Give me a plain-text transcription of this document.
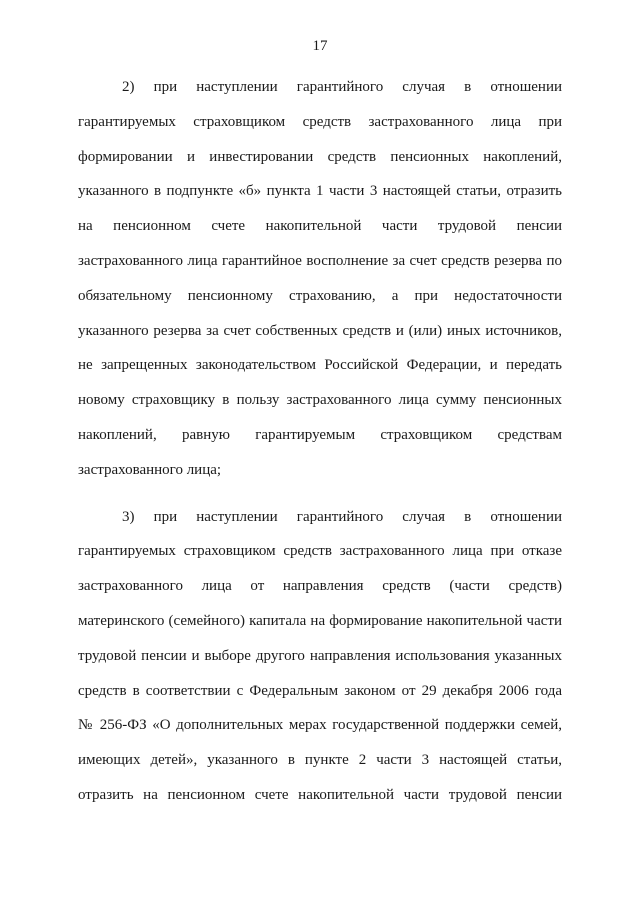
17

2) при наступлении гарантийного случая в отношении
гарантируемых страховщиком средств застрахованного лица при
формировании и инвестировании средств пенсионных накоплений,
указанного в подпункте «б» пункта 1 части 3 настоящей статьи, отразить
на пенсионном счете накопительной части трудовой пенсии
застрахованного лица гарантийное восполнение за счет средств резерва по
обязательному пенсионному страхованию, а при недостаточности
указанного резерва за счет собственных средств и (или) иных источников,
не запрещенных законодательством Российской Федерации, и передать
новому страховщику в пользу застрахованного лица сумму пенсионных
накоплений, равную гарантируемым страховщиком средствам
застрахованного лица;

3) при наступлении гарантийного случая в отношении
гарантируемых страховщиком средств застрахованного лица при отказе
застрахованного лица от направления средств (части средств)
материнского (семейного) капитала на формирование накопительной части
трудовой пенсии и выборе другого направления использования указанных
средств в соответствии с Федеральным законом от 29 декабря 2006 года
№ 256-ФЗ «О дополнительных мерах государственной поддержки семей,
имеющих детей», указанного в пункте 2 части 3 настоящей статьи,
отразить на пенсионном счете накопительной части трудовой пенсии
